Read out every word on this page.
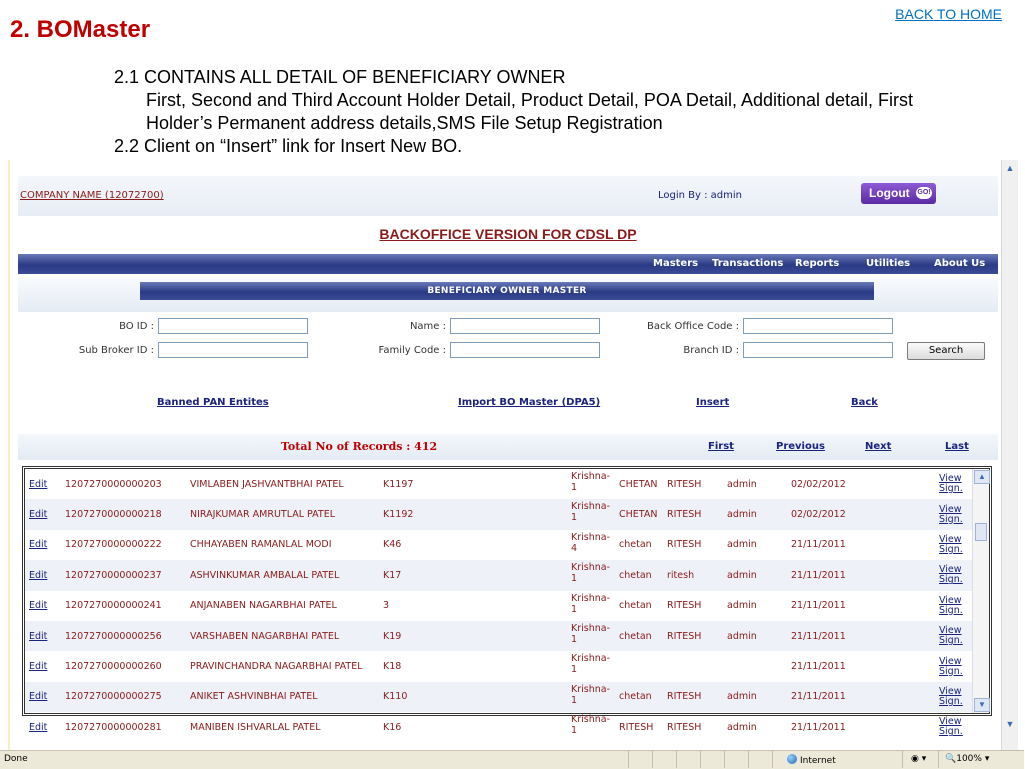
2. BOMaster
BACK TO HOME
2.1 CONTAINS ALL DETAIL OF BENEFICIARY OWNER
First, Second and Third Account Holder Detail, Product Detail, POA Detail, Additional detail, First
Holder’s Permanent address details,SMS File Setup Registration
2.2 Client on “Insert” link for Insert New BO.
COMPANY NAME (12072700)	Login By : admin	Logout GO!
BACKOFFICE VERSION FOR CDSL DP
Masters Transactions Reports	Utilities About Us
BENEFICIARY OWNER MASTER
BO ID :	Name :	Back Office Code :
Sub Broker ID :	Family Code :	Branch ID :	Search
Banned PAN Entites	Import BO Master (DPA5)	Insert	Back
Total No of Records : 412	First	Previous	Next	Last
Edit	1207270000000203	VIMLABEN JASHVANTBHAI PATEL	K1197	Krishna-1	CHETAN	RITESH	admin	02/02/2012	View Sign.
Edit	1207270000000218	NIRAJKUMAR AMRUTLAL PATEL	K1192	Krishna-1	CHETAN	RITESH	admin	02/02/2012	View Sign.
Edit	1207270000000222	CHHAYABEN RAMANLAL MODI	K46	Krishna-4	chetan	RITESH	admin	21/11/2011	View Sign.
Edit	1207270000000237	ASHVINKUMAR AMBALAL PATEL	K17	Krishna-1	chetan	ritesh	admin	21/11/2011	View Sign.
Edit	1207270000000241	ANJANABEN NAGARBHAI PATEL	3	Krishna-1	chetan	RITESH	admin	21/11/2011	View Sign.
Edit	1207270000000256	VARSHABEN NAGARBHAI PATEL	K19	Krishna-1	chetan	RITESH	admin	21/11/2011	View Sign.
Edit	1207270000000260	PRAVINCHANDRA NAGARBHAI PATEL	K18	Krishna-1				21/11/2011	View Sign.
Edit	1207270000000275	ANIKET ASHVINBHAI PATEL	K110	Krishna-1	chetan	RITESH	admin	21/11/2011	View Sign.
Edit	1207270000000281	MANIBEN ISHVARLAL PATEL	K16	Krishna-1	RITESH	RITESH	admin	21/11/2011	View Sign.
▲
▼
▲
▼
Done	Internet	◉ ▾ 🔍100% ▾
